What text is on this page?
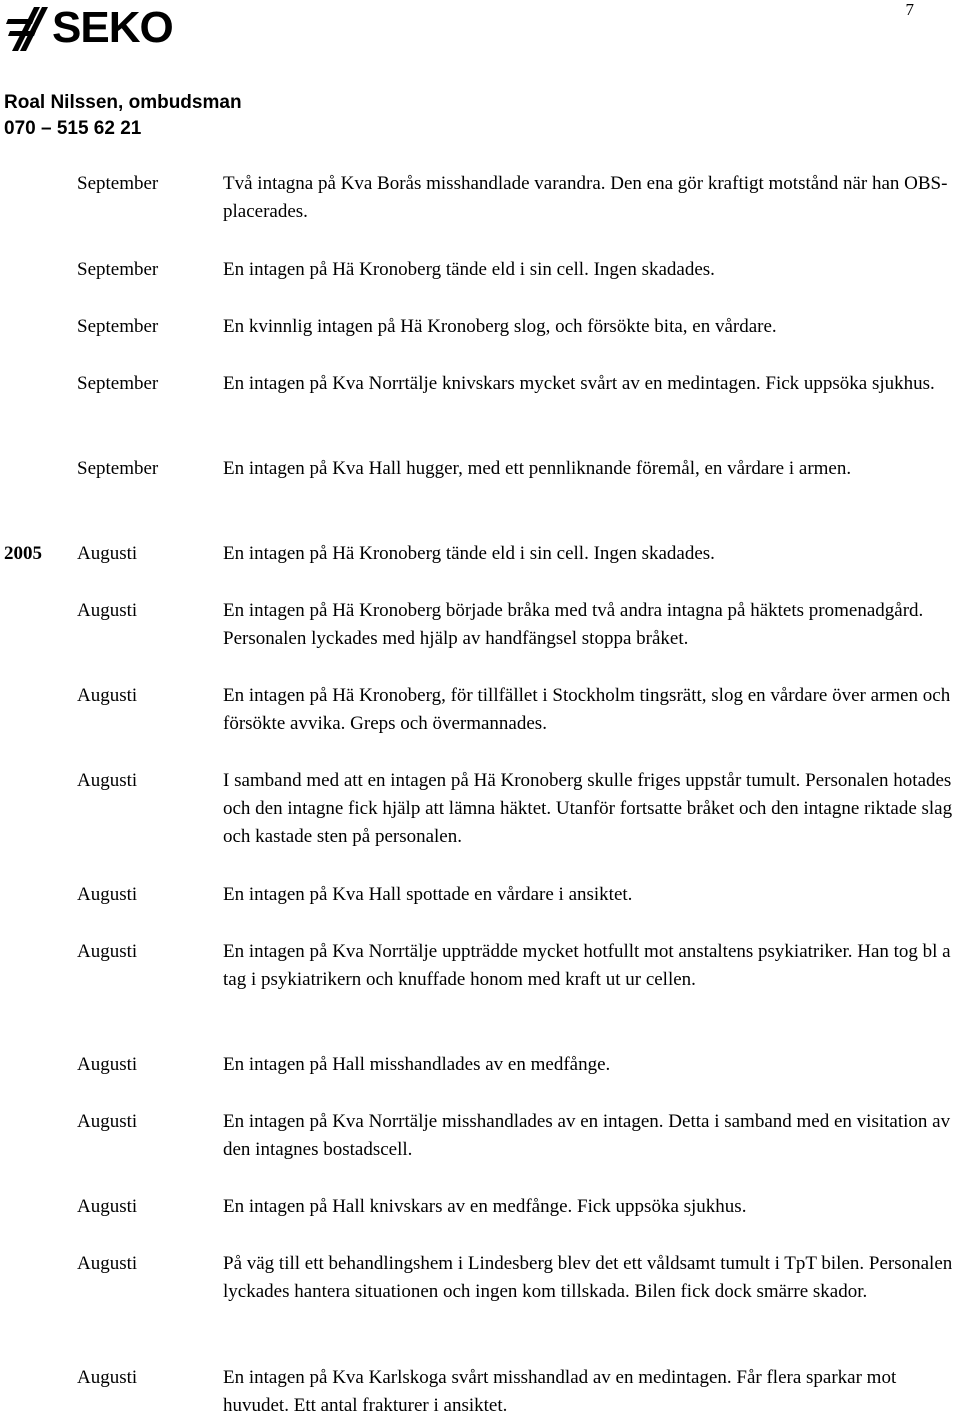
SEKO	7
Roal Nilssen, ombudsman
070 – 515 62 21
September	Två intagna på Kva Borås misshandlade varandra. Den ena gör kraftigt motstånd när han OBS-placerades.
September	En intagen på Hä Kronoberg tände eld i sin cell. Ingen skadades.
September	En kvinnlig intagen på Hä Kronoberg slog, och försökte bita, en vårdare.
September	En intagen på Kva Norrtälje knivskars mycket svårt av en medintagen. Fick uppsöka sjukhus.
September	En intagen på Kva Hall hugger, med ett pennliknande föremål, en vårdare i armen.
2005 Augusti	En intagen på Hä Kronoberg tände eld i sin cell. Ingen skadades.
Augusti	En intagen på Hä Kronoberg började bråka med två andra intagna på häktets promenadgård. Personalen lyckades med hjälp av handfängsel stoppa bråket.
Augusti	En intagen på Hä Kronoberg, för tillfället i Stockholm tingsrätt, slog en vårdare över armen och försökte avvika. Greps och övermannades.
Augusti	I samband med att en intagen på Hä Kronoberg skulle friges uppstår tumult. Personalen hotades och den intagne fick hjälp att lämna häktet. Utanför fortsatte bråket och den intagne riktade slag och kastade sten på personalen.
Augusti	En intagen på Kva Hall spottade en vårdare i ansiktet.
Augusti	En intagen på Kva Norrtälje uppträdde mycket hotfullt mot anstaltens psykiatriker. Han tog bl a tag i psykiatrikern och knuffade honom med kraft ut ur cellen.
Augusti	En intagen på Hall misshandlades av en medfånge.
Augusti	En intagen på Kva Norrtälje misshandlades av en intagen. Detta i samband med en visitation av den intagnes bostadscell.
Augusti	En intagen på Hall knivskars av en medfånge. Fick uppsöka sjukhus.
Augusti	På väg till ett behandlingshem i Lindesberg blev det ett våldsamt tumult i TpT bilen. Personalen lyckades hantera situationen och ingen kom tillskada. Bilen fick dock smärre skador.
Augusti	En intagen på Kva Karlskoga svårt misshandlad av en medintagen. Får flera sparkar mot huvudet. Ett antal frakturer i ansiktet.
